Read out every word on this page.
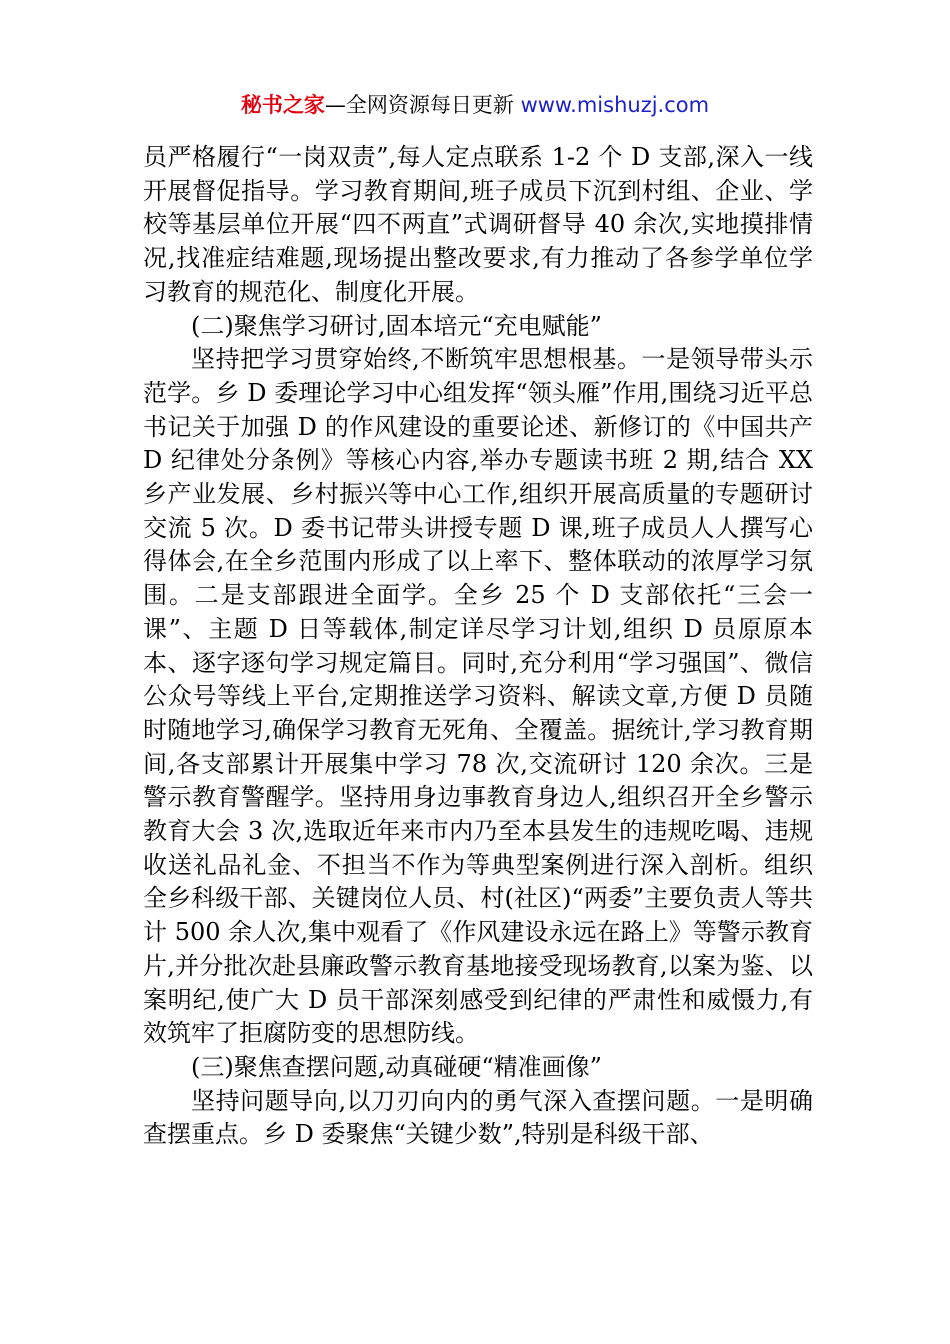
秘书之家—全网资源每日更新 www.mishuzj.com

员严格履行“一岗双责”,每人定点联系 1-2 个 D 支部,深入一线开展督促指导。学习教育期间,班子成员下沉到村组、企业、学校等基层单位开展“四不两直”式调研督导 40 余次,实地摸排情况,找准症结难题,现场提出整改要求,有力推动了各参学单位学习教育的规范化、制度化开展。

(二)聚焦学习研讨,固本培元“充电赋能”

坚持把学习贯穿始终,不断筑牢思想根基。一是领导带头示范学。乡 D 委理论学习中心组发挥“领头雁”作用,围绕习近平总书记关于加强 D 的作风建设的重要论述、新修订的《中国共产 D 纪律处分条例》等核心内容,举办专题读书班 2 期,结合 XX 乡产业发展、乡村振兴等中心工作,组织开展高质量的专题研讨交流 5 次。D 委书记带头讲授专题 D 课,班子成员人人撰写心得体会,在全乡范围内形成了以上率下、整体联动的浓厚学习氛围。二是支部跟进全面学。全乡 25 个 D 支部依托“三会一课”、主题 D 日等载体,制定详尽学习计划,组织 D 员原原本本、逐字逐句学习规定篇目。同时,充分利用“学习强国”、微信公众号等线上平台,定期推送学习资料、解读文章,方便 D 员随时随地学习,确保学习教育无死角、全覆盖。据统计,学习教育期间,各支部累计开展集中学习 78 次,交流研讨 120 余次。三是警示教育警醒学。坚持用身边事教育身边人,组织召开全乡警示教育大会 3 次,选取近年来市内乃至本县发生的违规吃喝、违规收送礼品礼金、不担当不作为等典型案例进行深入剖析。组织全乡科级干部、关键岗位人员、村(社区)“两委”主要负责人等共计 500 余人次,集中观看了《作风建设永远在路上》等警示教育片,并分批次赴县廉政警示教育基地接受现场教育,以案为鉴、以案明纪,使广大 D 员干部深刻感受到纪律的严肃性和威慑力,有效筑牢了拒腐防变的思想防线。

(三)聚焦查摆问题,动真碰硬“精准画像”

坚持问题导向,以刀刃向内的勇气深入查摆问题。一是明确查摆重点。乡 D 委聚焦“关键少数”,特别是科级干部、
